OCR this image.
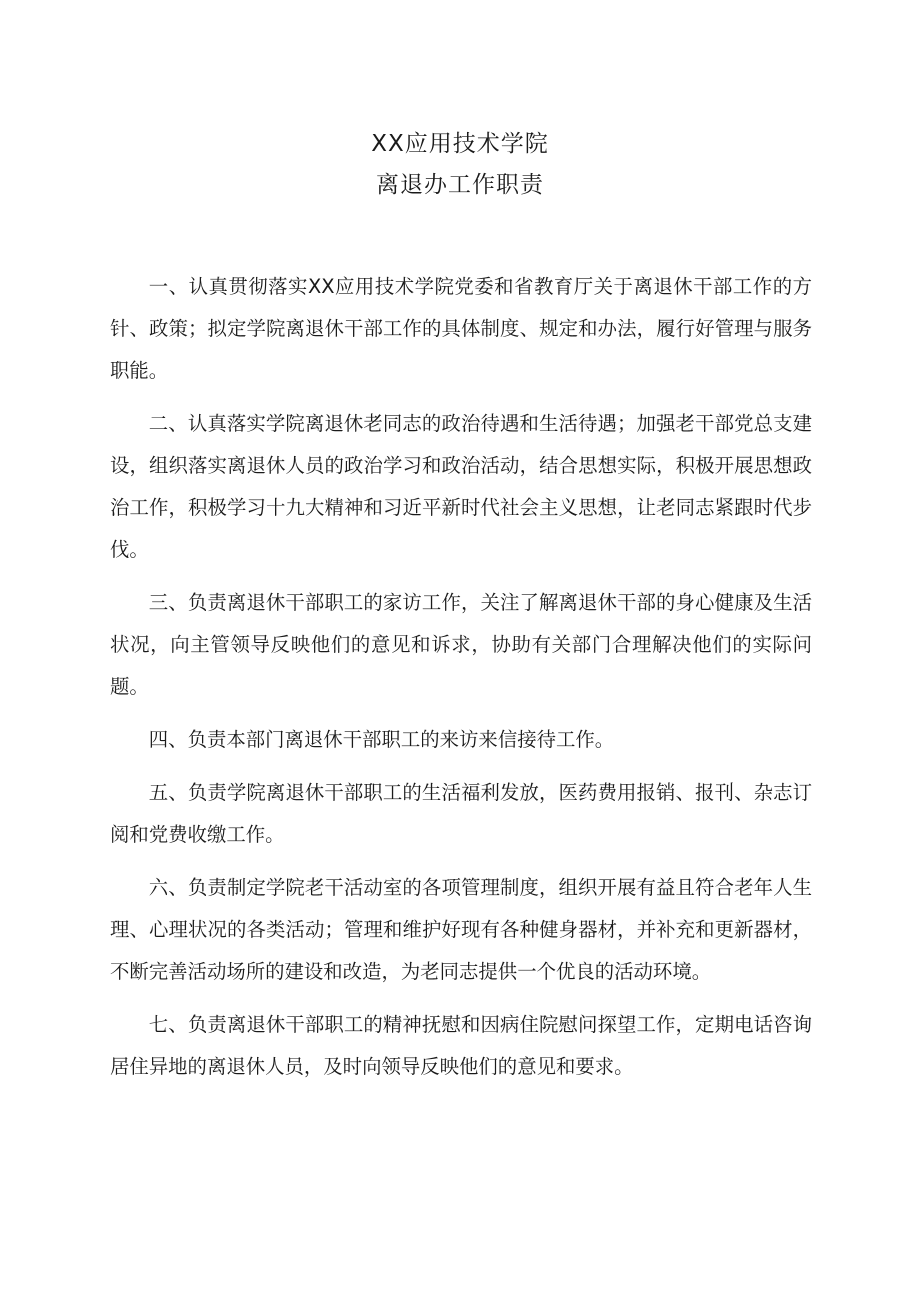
XX应用技术学院
离退办工作职责

一、认真贯彻落实XX应用技术学院党委和省教育厅关于离退休干部工作的方针、政策；拟定学院离退休干部工作的具体制度、规定和办法，履行好管理与服务职能。

二、认真落实学院离退休老同志的政治待遇和生活待遇；加强老干部党总支建设，组织落实离退休人员的政治学习和政治活动，结合思想实际，积极开展思想政治工作，积极学习十九大精神和习近平新时代社会主义思想，让老同志紧跟时代步伐。

三、负责离退休干部职工的家访工作，关注了解离退休干部的身心健康及生活状况，向主管领导反映他们的意见和诉求，协助有关部门合理解决他们的实际问题。

四、负责本部门离退休干部职工的来访来信接待工作。

五、负责学院离退休干部职工的生活福利发放，医药费用报销、报刊、杂志订阅和党费收缴工作。

六、负责制定学院老干活动室的各项管理制度，组织开展有益且符合老年人生理、心理状况的各类活动；管理和维护好现有各种健身器材，并补充和更新器材，不断完善活动场所的建设和改造，为老同志提供一个优良的活动环境。

七、负责离退休干部职工的精神抚慰和因病住院慰问探望工作，定期电话咨询居住异地的离退休人员，及时向领导反映他们的意见和要求。
